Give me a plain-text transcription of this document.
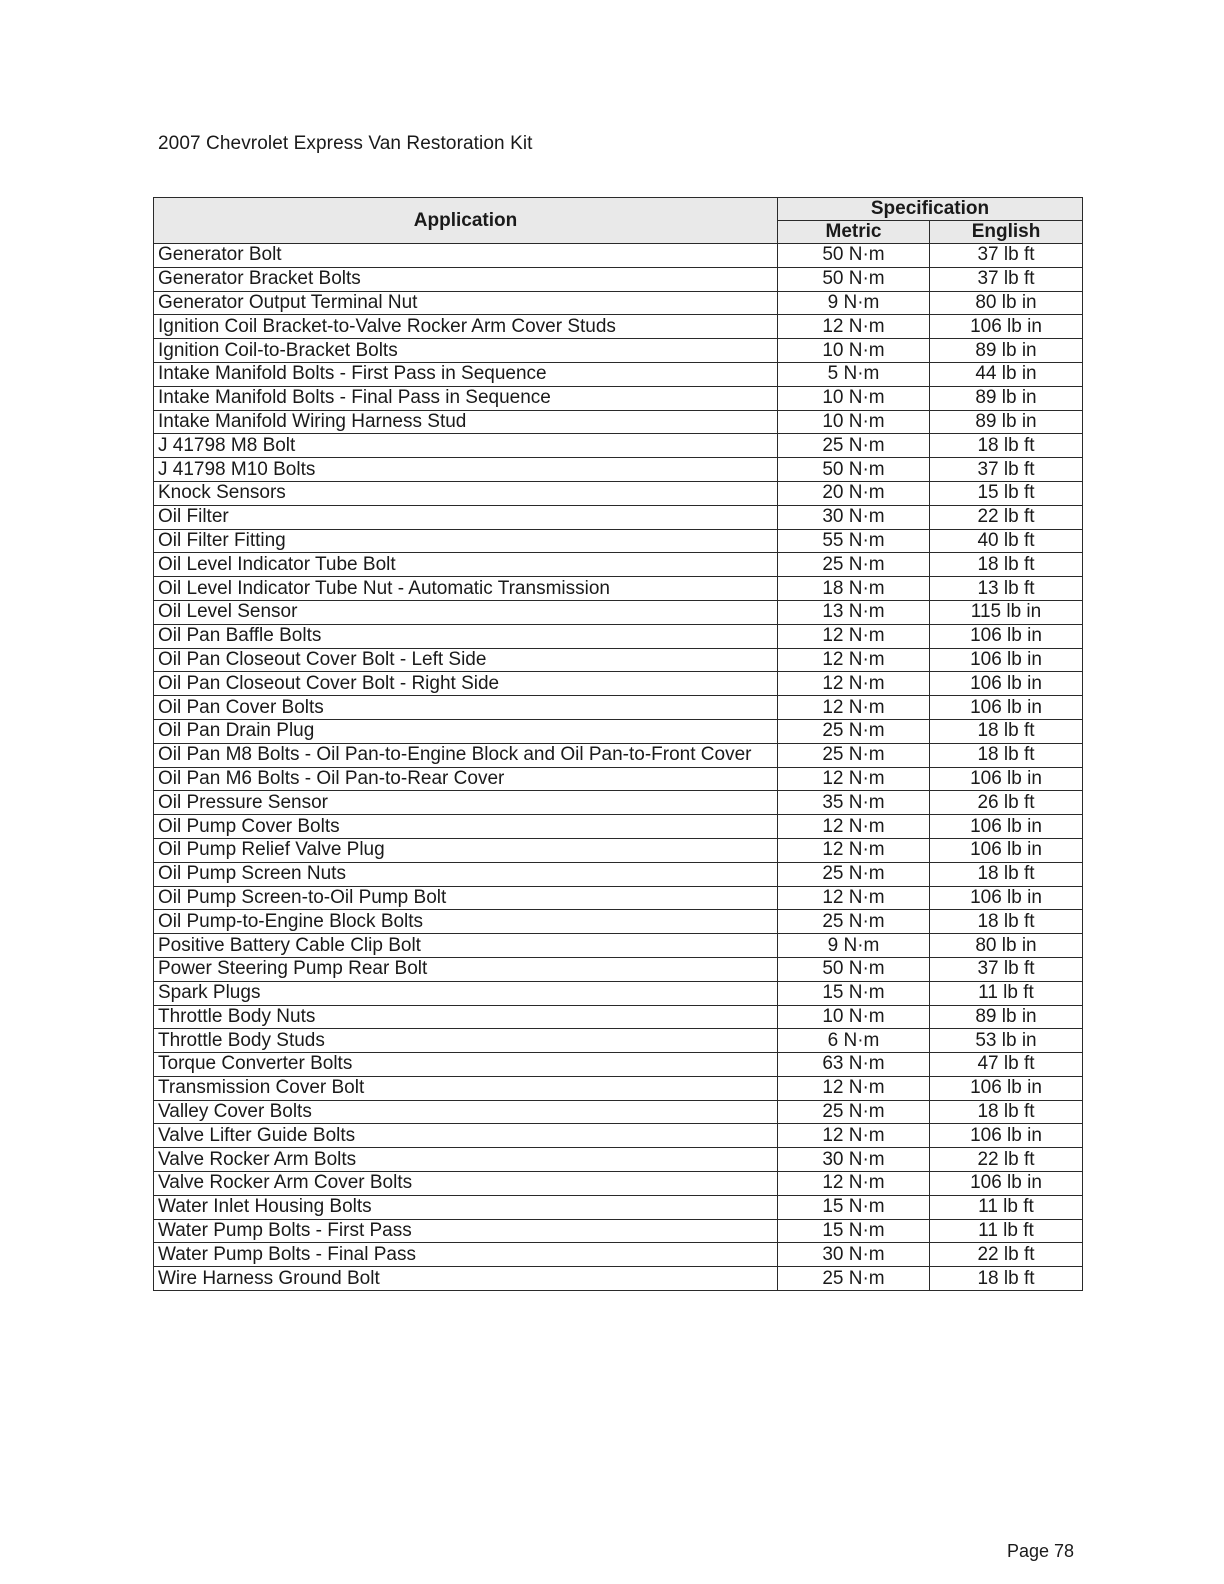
2007 Chevrolet Express Van Restoration Kit
Application	Specification	
	Metric	English
Generator Bolt	50 N·m	37 lb ft
Generator Bracket Bolts	50 N·m	37 lb ft
Generator Output Terminal Nut	9 N·m	80 lb in
Ignition Coil Bracket-to-Valve Rocker Arm Cover Studs	12 N·m	106 lb in
Ignition Coil-to-Bracket Bolts	10 N·m	89 lb in
Intake Manifold Bolts - First Pass in Sequence	5 N·m	44 lb in
Intake Manifold Bolts - Final Pass in Sequence	10 N·m	89 lb in
Intake Manifold Wiring Harness Stud	10 N·m	89 lb in
J 41798 M8 Bolt	25 N·m	18 lb ft
J 41798 M10 Bolts	50 N·m	37 lb ft
Knock Sensors	20 N·m	15 lb ft
Oil Filter	30 N·m	22 lb ft
Oil Filter Fitting	55 N·m	40 lb ft
Oil Level Indicator Tube Bolt	25 N·m	18 lb ft
Oil Level Indicator Tube Nut - Automatic Transmission	18 N·m	13 lb ft
Oil Level Sensor	13 N·m	115 lb in
Oil Pan Baffle Bolts	12 N·m	106 lb in
Oil Pan Closeout Cover Bolt - Left Side	12 N·m	106 lb in
Oil Pan Closeout Cover Bolt - Right Side	12 N·m	106 lb in
Oil Pan Cover Bolts	12 N·m	106 lb in
Oil Pan Drain Plug	25 N·m	18 lb ft
Oil Pan M8 Bolts - Oil Pan-to-Engine Block and Oil Pan-to-Front Cover	25 N·m	18 lb ft
Oil Pan M6 Bolts - Oil Pan-to-Rear Cover	12 N·m	106 lb in
Oil Pressure Sensor	35 N·m	26 lb ft
Oil Pump Cover Bolts	12 N·m	106 lb in
Oil Pump Relief Valve Plug	12 N·m	106 lb in
Oil Pump Screen Nuts	25 N·m	18 lb ft
Oil Pump Screen-to-Oil Pump Bolt	12 N·m	106 lb in
Oil Pump-to-Engine Block Bolts	25 N·m	18 lb ft
Positive Battery Cable Clip Bolt	9 N·m	80 lb in
Power Steering Pump Rear Bolt	50 N·m	37 lb ft
Spark Plugs	15 N·m	11 lb ft
Throttle Body Nuts	10 N·m	89 lb in
Throttle Body Studs	6 N·m	53 lb in
Torque Converter Bolts	63 N·m	47 lb ft
Transmission Cover Bolt	12 N·m	106 lb in
Valley Cover Bolts	25 N·m	18 lb ft
Valve Lifter Guide Bolts	12 N·m	106 lb in
Valve Rocker Arm Bolts	30 N·m	22 lb ft
Valve Rocker Arm Cover Bolts	12 N·m	106 lb in
Water Inlet Housing Bolts	15 N·m	11 lb ft
Water Pump Bolts - First Pass	15 N·m	11 lb ft
Water Pump Bolts - Final Pass	30 N·m	22 lb ft
Wire Harness Ground Bolt	25 N·m	18 lb ft
Page 78
